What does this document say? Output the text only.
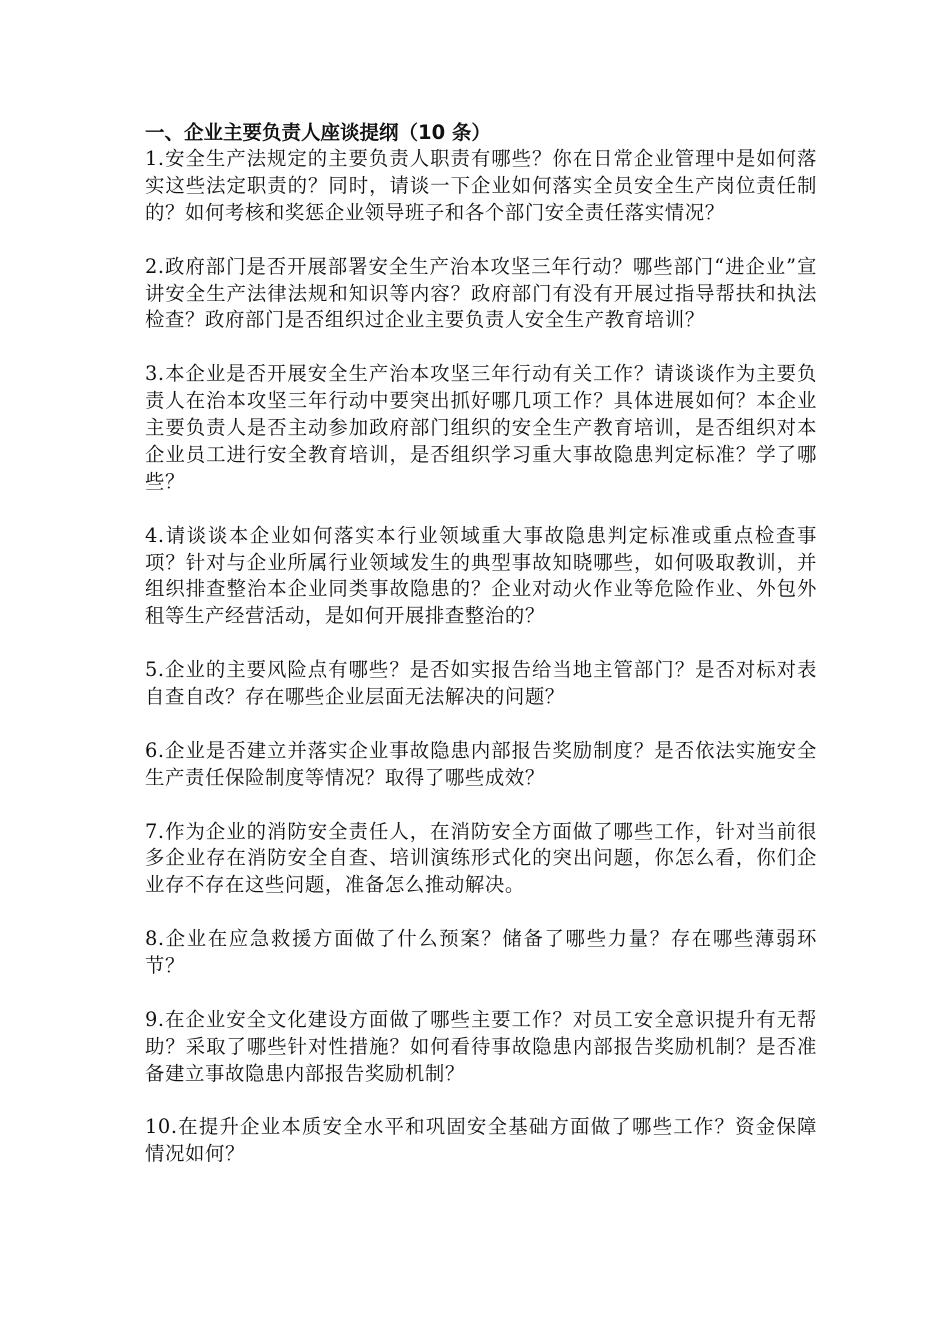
一、企业主要负责人座谈提纲（10 条）

1.安全生产法规定的主要负责人职责有哪些？你在日常企业管理中是如何落实这些法定职责的？同时，请谈一下企业如何落实全员安全生产岗位责任制的？如何考核和奖惩企业领导班子和各个部门安全责任落实情况？

2.政府部门是否开展部署安全生产治本攻坚三年行动？哪些部门“进企业”宣讲安全生产法律法规和知识等内容？政府部门有没有开展过指导帮扶和执法检查？政府部门是否组织过企业主要负责人安全生产教育培训？

3.本企业是否开展安全生产治本攻坚三年行动有关工作？请谈谈作为主要负责人在治本攻坚三年行动中要突出抓好哪几项工作？具体进展如何？本企业主要负责人是否主动参加政府部门组织的安全生产教育培训，是否组织对本企业员工进行安全教育培训，是否组织学习重大事故隐患判定标准？学了哪些？

4.请谈谈本企业如何落实本行业领域重大事故隐患判定标准或重点检查事项？针对与企业所属行业领域发生的典型事故知晓哪些，如何吸取教训，并组织排查整治本企业同类事故隐患的？企业对动火作业等危险作业、外包外租等生产经营活动，是如何开展排查整治的？

5.企业的主要风险点有哪些？是否如实报告给当地主管部门？是否对标对表自查自改？存在哪些企业层面无法解决的问题？

6.企业是否建立并落实企业事故隐患内部报告奖励制度？是否依法实施安全生产责任保险制度等情况？取得了哪些成效？

7.作为企业的消防安全责任人，在消防安全方面做了哪些工作，针对当前很多企业存在消防安全自查、培训演练形式化的突出问题，你怎么看，你们企业存不存在这些问题，准备怎么推动解决。

8.企业在应急救援方面做了什么预案？储备了哪些力量？存在哪些薄弱环节？

9.在企业安全文化建设方面做了哪些主要工作？对员工安全意识提升有无帮助？采取了哪些针对性措施？如何看待事故隐患内部报告奖励机制？是否准备建立事故隐患内部报告奖励机制？

10.在提升企业本质安全水平和巩固安全基础方面做了哪些工作？资金保障情况如何？
